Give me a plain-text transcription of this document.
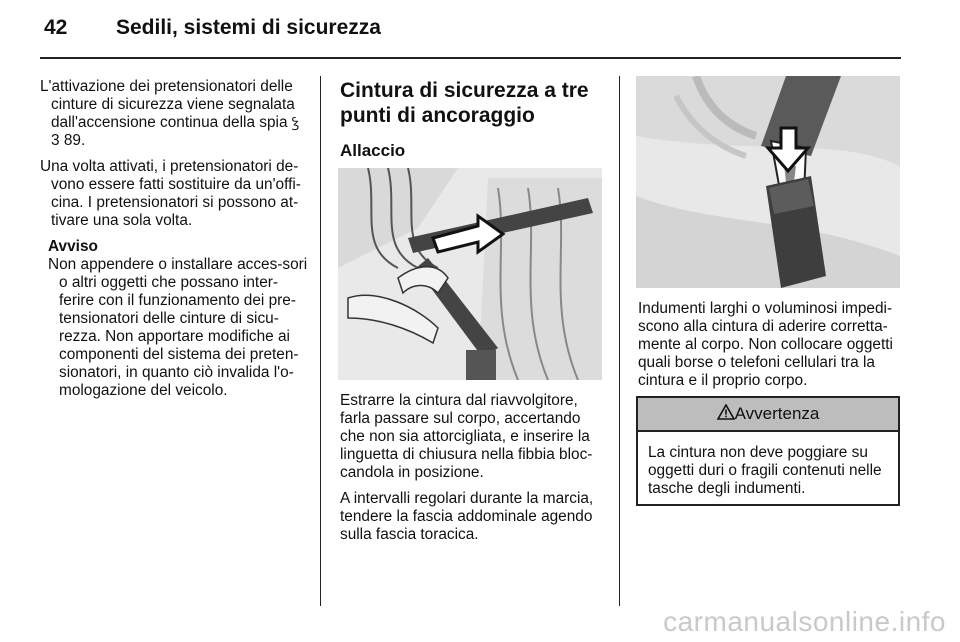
42 Sedili, sistemi di sicurezza

L'attivazione dei pretensionatori delle cinture di sicurezza viene segnalata dall'accensione continua della spia Ꝣ
3 89.

Una volta attivati, i pretensionatori de-vono essere fatti sostituire da un'offi-cina. I pretensionatori si possono at-tivare una sola volta.

Avviso
Non appendere o installare acces-sori o altri oggetti che possano inter-ferire con il funzionamento dei pre-tensionatori delle cinture di sicu-rezza. Non apportare modifiche ai componenti del sistema dei preten-sionatori, in quanto ciò invalida l'o-mologazione del veicolo.
Cintura di sicurezza a tre punti di ancoraggio
Allaccio

Estrarre la cintura dal riavvolgitore, farla passare sul corpo, accertando che non sia attorcigliata, e inserire la linguetta di chiusura nella fibbia bloc-candola in posizione.

A intervalli regolari durante la marcia, tendere la fascia addominale agendo sulla fascia toracica.

Indumenti larghi o voluminosi impedi-scono alla cintura di aderire corretta-mente al corpo. Non collocare oggetti quali borse o telefoni cellulari tra la cintura e il proprio corpo.

Avvertenza
La cintura non deve poggiare su oggetti duri o fragili contenuti nelle tasche degli indumenti.
carmanualsonline.info
